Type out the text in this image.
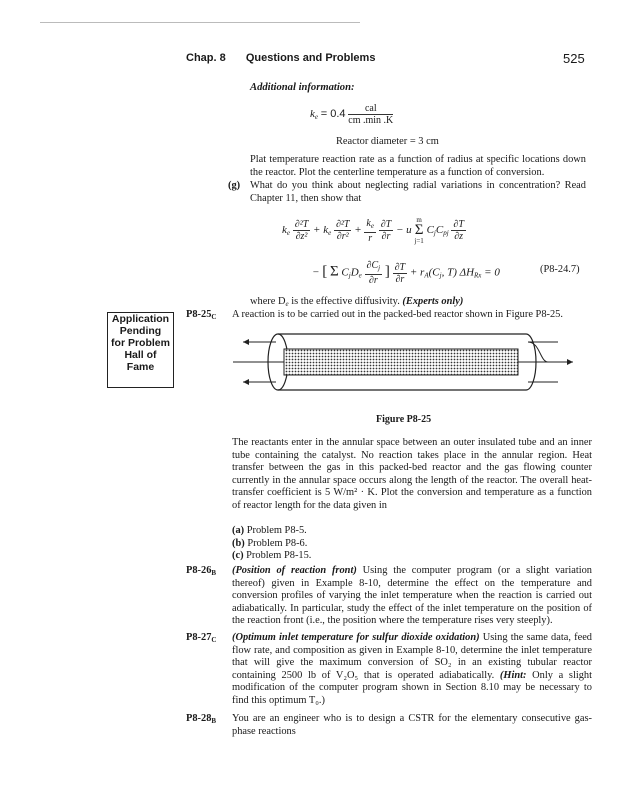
Chap. 8 Questions and Problems	525
Additional information:
$k_e = 0.4 \frac{\text{cal}}{cm .\min .K}$
Reactor diameter = 3 cm
Plat temperature reaction rate as a function of radius at specific locations down the reactor. Plot the centerline temperature as a function of conversion.
(g) What do you think about neglecting radial variations in concentration? Read Chapter 11, then show that
$k_e \frac{\text{∂²T}}{\text{∂z²}} + k_e \frac{\text{∂²T}}{\text{∂r²}} + \frac{k_e}{r}$
$\frac{\partial T}{\partial r} - u$
m
Σ
j=1
$C_jC_{pj} \frac{\partial T}{\partial z}$
− [ Σ $C_jD_e \frac{\partial C_j}{\partial r}$ ] $\frac{\partial T}{\partial r} + r_A(C_j$, T) $\Delta H_{Rx} = 0$	(P8-24.7)
where $D_e$ is the effective diffusivity. (Experts only)
$P8-25_C$ A reaction is to be carried out in the packed-bed reactor shown in Figure P8-25.
Application
Pending
for Problem
Hall of
Fame
Figure P8-25
The reactants enter in the annular space between an outer insulated tube and an inner tube containing the catalyst. No reaction takes place in the annular region. Heat transfer between the gas in this packed-bed reactor and the gas flowing counter currently in the annular space occurs along the length of the reactor. The overall heat-transfer coefficient is 5 W/m² · K. Plot the conversion and temperature as a function of reactor length for the data given in
(a) Problem P8-5.
(b) Problem P8-6.
(c) Problem P8-15.
$P8-26_B$ (Position of reaction front) Using the computer program (or a slight variation thereof) given in Example 8-10, determine the effect on the temperature and conversion profiles of varying the inlet temperature when the reaction is carried out adiabatically. In particular, study the effect of the inlet temperature on the position of the reaction front (i.e., the position where the temperature rises very steeply).
$P8-27_C$ (Optimum inlet temperature for sulfur dioxide oxidation) Using the same data, feed flow rate, and composition as given in Example 8-10, determine the inlet temperature that will give the maximum conversion of SO₂ in an existing tubular reactor containing 2500 lb of V₂O₅ that is operated adiabatically. (Hint: Only a slight modification of the computer program shown in Section 8.10 may be necessary to find this optimum T₀.)
$P8-28_B$ You are an engineer who is to design a CSTR for the elementary consecutive gas-phase reactions
